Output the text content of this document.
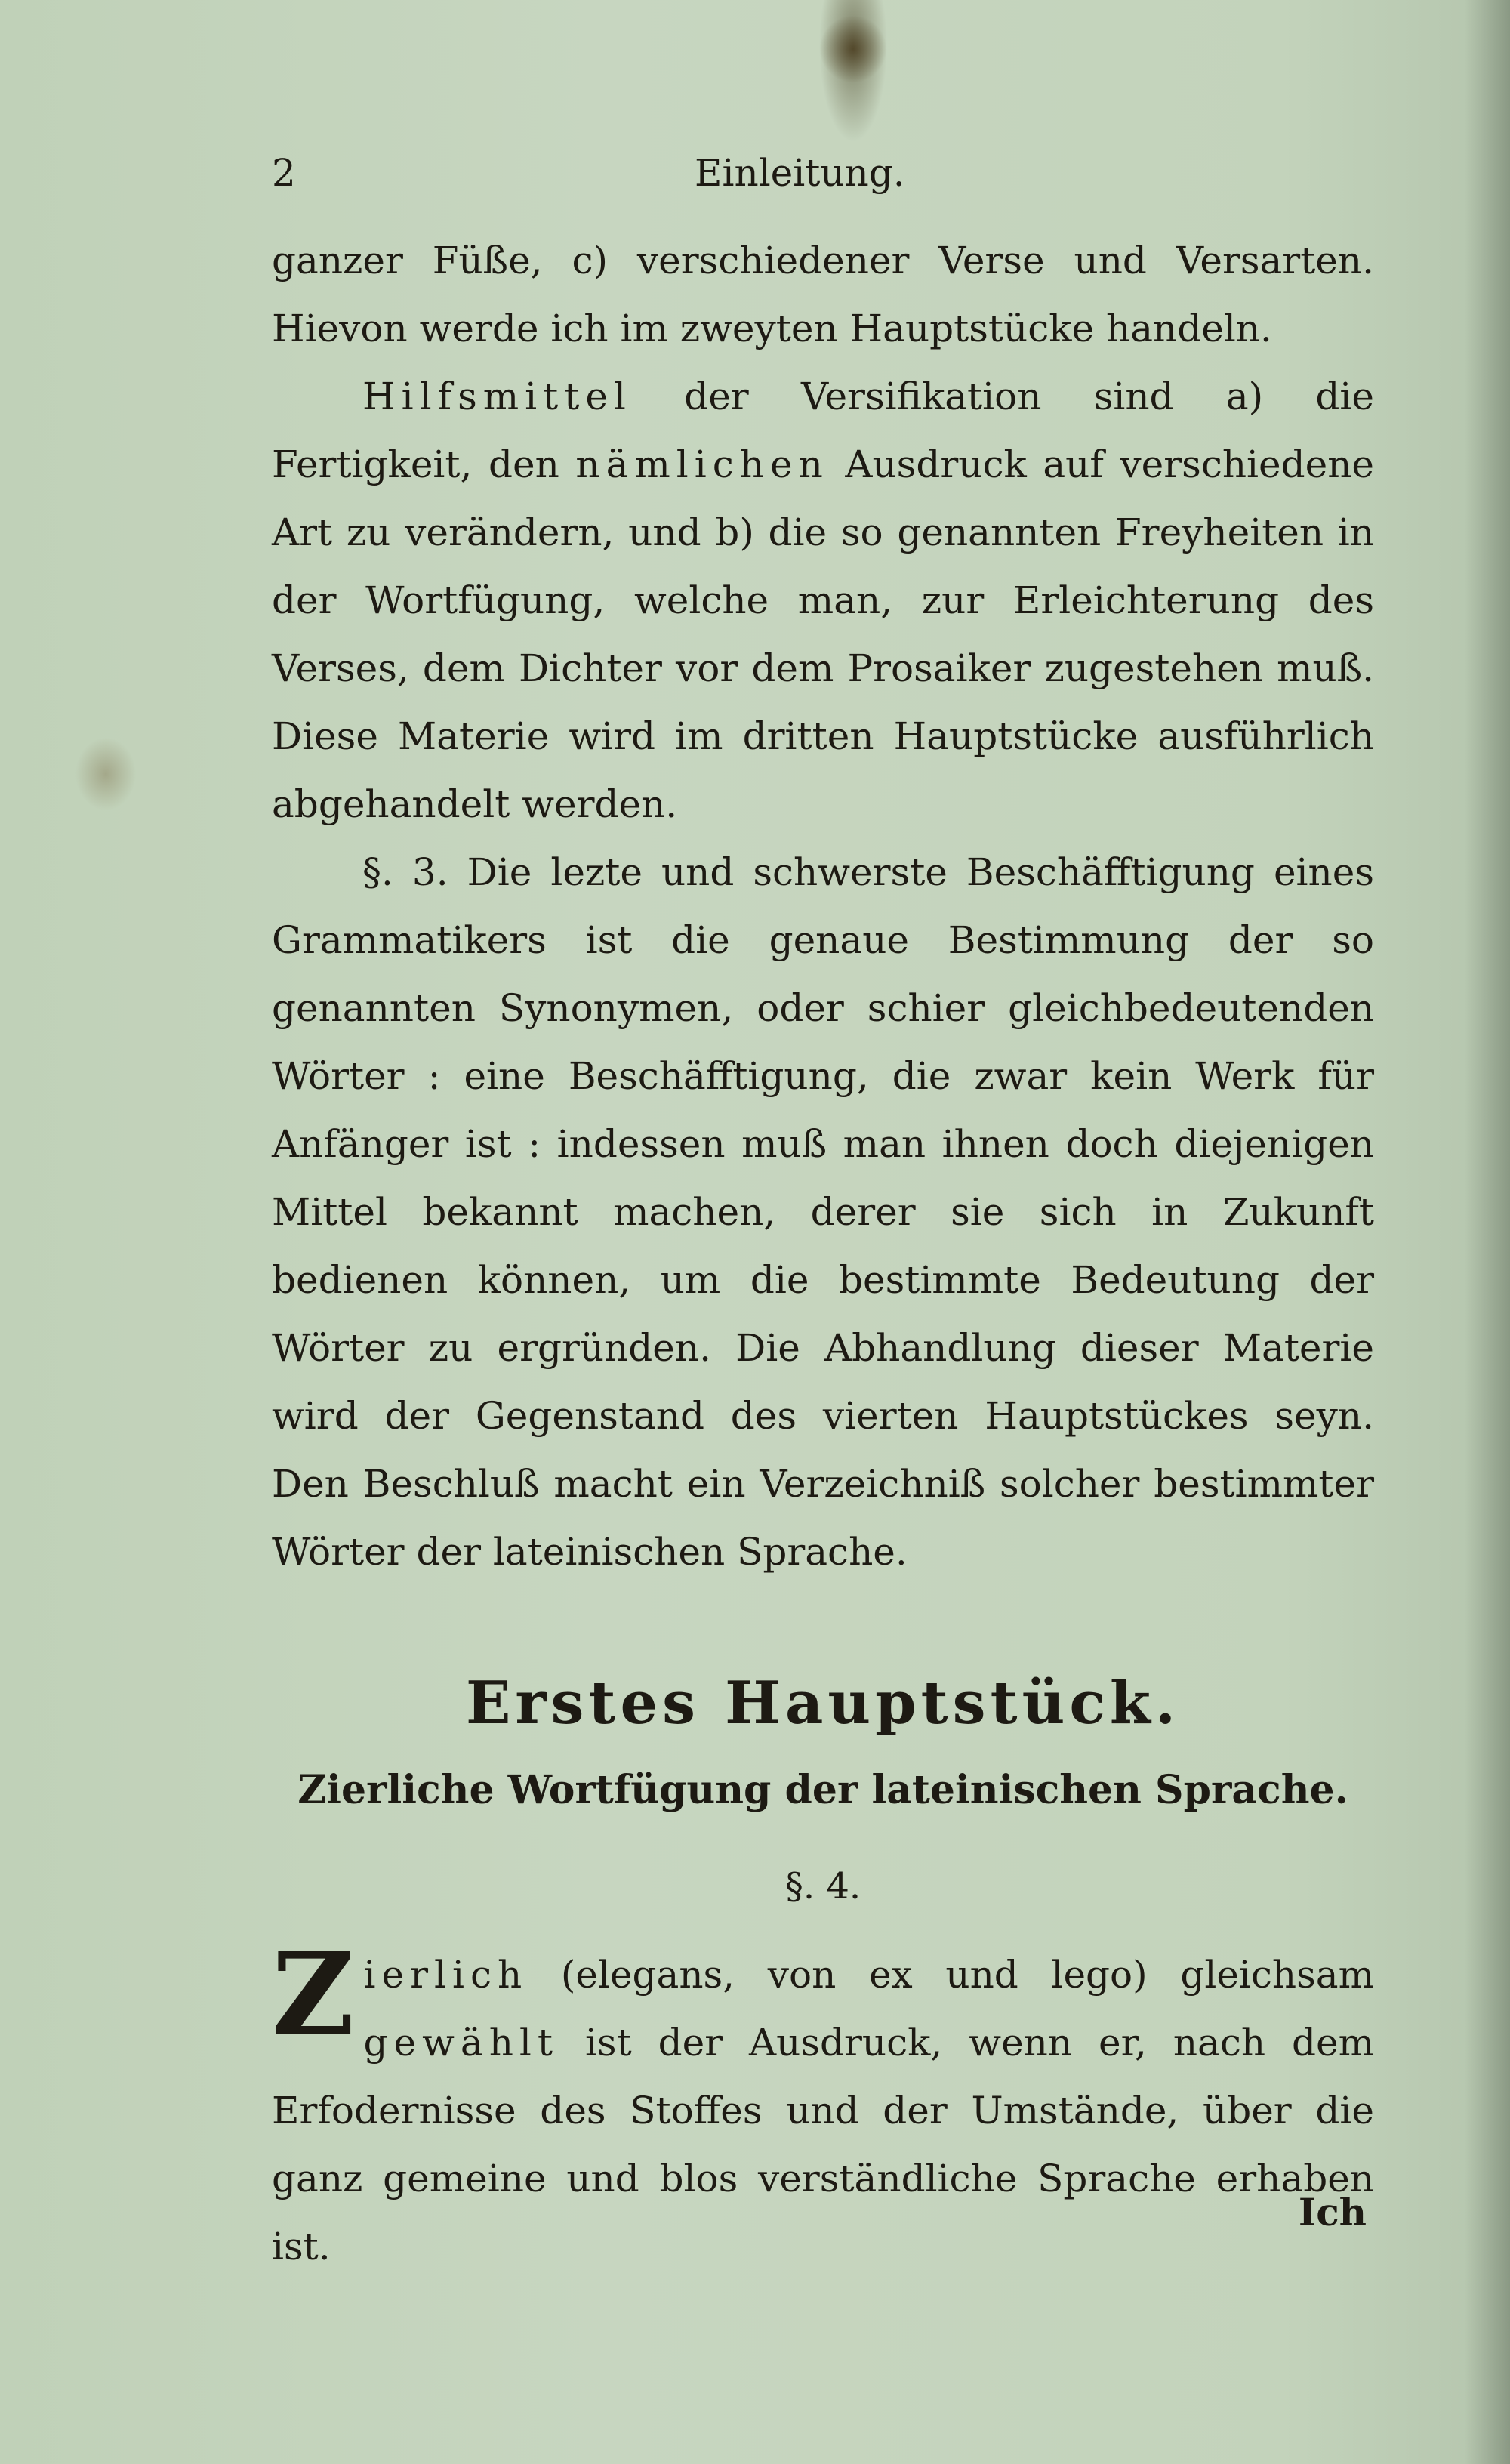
2	Einleitung.
ganzer Füße, c) verschiedener Verse und Versarten. Hievon werde ich im zweyten Hauptstücke handeln.
Hilfsmittel der Versifikation sind a) die Fertigkeit, den nämlichen Ausdruck auf verschiedene Art zu verändern, und b) die so genannten Freyheiten in der Wortfügung, welche man, zur Erleichterung des Verses, dem Dichter vor dem Prosaiker zugestehen muß. Diese Materie wird im dritten Hauptstücke ausführlich abgehandelt werden.
§. 3. Die lezte und schwerste Beschäfftigung eines Grammatikers ist die genaue Bestimmung der so genannten Synonymen, oder schier gleichbedeutenden Wörter : eine Beschäfftigung, die zwar kein Werk für Anfänger ist : indessen muß man ihnen doch diejenigen Mittel bekannt machen, derer sie sich in Zukunft bedienen können, um die bestimmte Bedeutung der Wörter zu ergründen. Die Abhandlung dieser Materie wird der Gegenstand des vierten Hauptstückes seyn. Den Beschluß macht ein Verzeichniß solcher bestimmter Wörter der lateinischen Sprache.
Erstes Hauptstück.
Zierliche Wortfügung der lateinischen Sprache.
§. 4.
Zierlich (elegans, von ex und lego) gleichsam gewählt ist der Ausdruck, wenn er, nach dem Erfodernisse des Stoffes und der Umstände, über die ganz gemeine und blos verständliche Sprache erhaben ist.
Ich
